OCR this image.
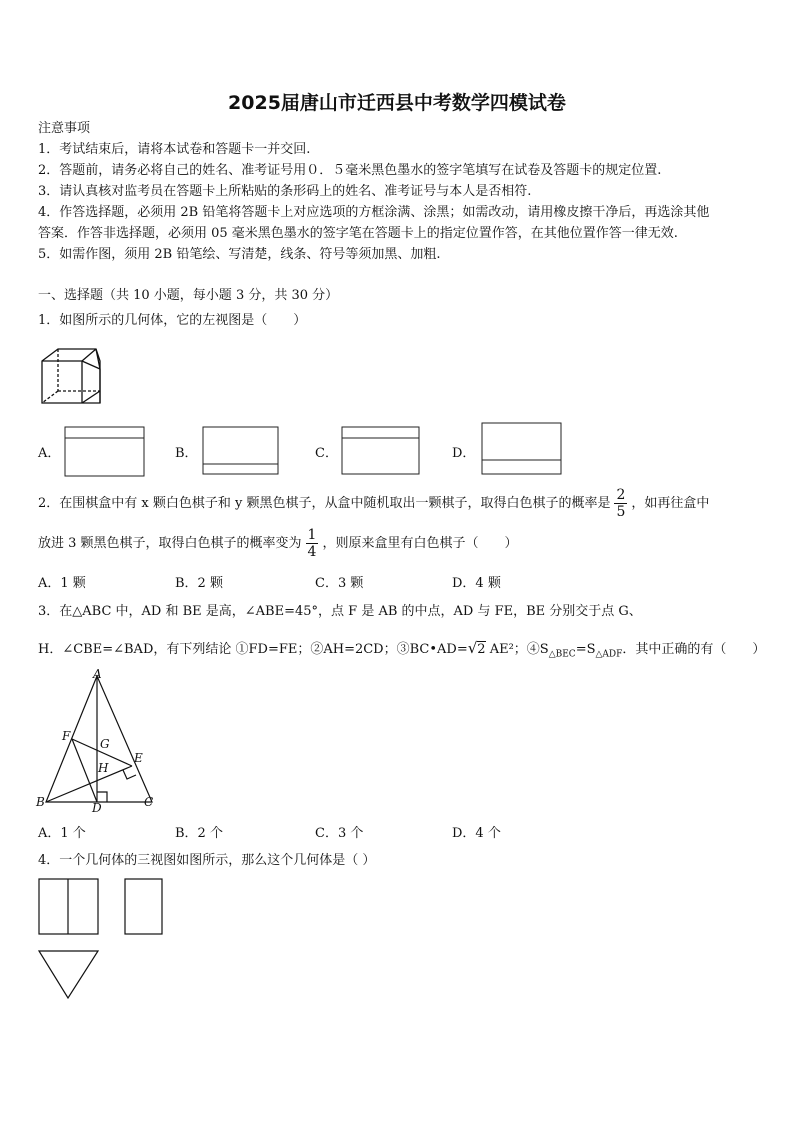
2025届唐山市迁西县中考数学四模试卷
注意事项
1．考试结束后，请将本试卷和答题卡一并交回.
2．答题前，请务必将自己的姓名、准考证号用０．５毫米黑色墨水的签字笔填写在试卷及答题卡的规定位置.
3．请认真核对监考员在答题卡上所粘贴的条形码上的姓名、准考证号与本人是否相符.
4．作答选择题，必须用 2B 铅笔将答题卡上对应选项的方框涂满、涂黑；如需改动，请用橡皮擦干净后，再选涂其他
答案．作答非选择题，必须用 05 毫米黑色墨水的签字笔在答题卡上的指定位置作答，在其他位置作答一律无效.
5．如需作图，须用 2B 铅笔绘、写清楚，线条、符号等须加黑、加粗.
一、选择题（共 10 小题，每小题 3 分，共 30 分）
1．如图所示的几何体，它的左视图是（　　）
A．	B．	C．	D．
2．在围棋盒中有 x 颗白色棋子和 y 颗黑色棋子，从盒中随机取出一颗棋子，取得白色棋子的概率是 $\frac{2}{5}$ ，如再往盒中
放进 3 颗黑色棋子，取得白色棋子的概率变为 $\frac{1}{4}$ ，则原来盒里有白色棋子（　　）
A．1 颗	B．2 颗	C．3 颗	D．4 颗
3．在△ABC 中，AD 和 BE 是高，∠ABE=45°，点 F 是 AB 的中点，AD 与 FE，BE 分别交于点 G、
H．∠CBE=∠BAD，有下列结论 ①FD=FE；②AH=2CD；③BC•AD=√2 AE²；$④S_{\triangle BEC}=S_{\triangle ADF}$．其中正确的有（　　）
A
B	C
D
E
F
G
H
A．1 个	B．2 个	C．3 个	D．4 个
4．一个几何体的三视图如图所示，那么这个几何体是（ ）
